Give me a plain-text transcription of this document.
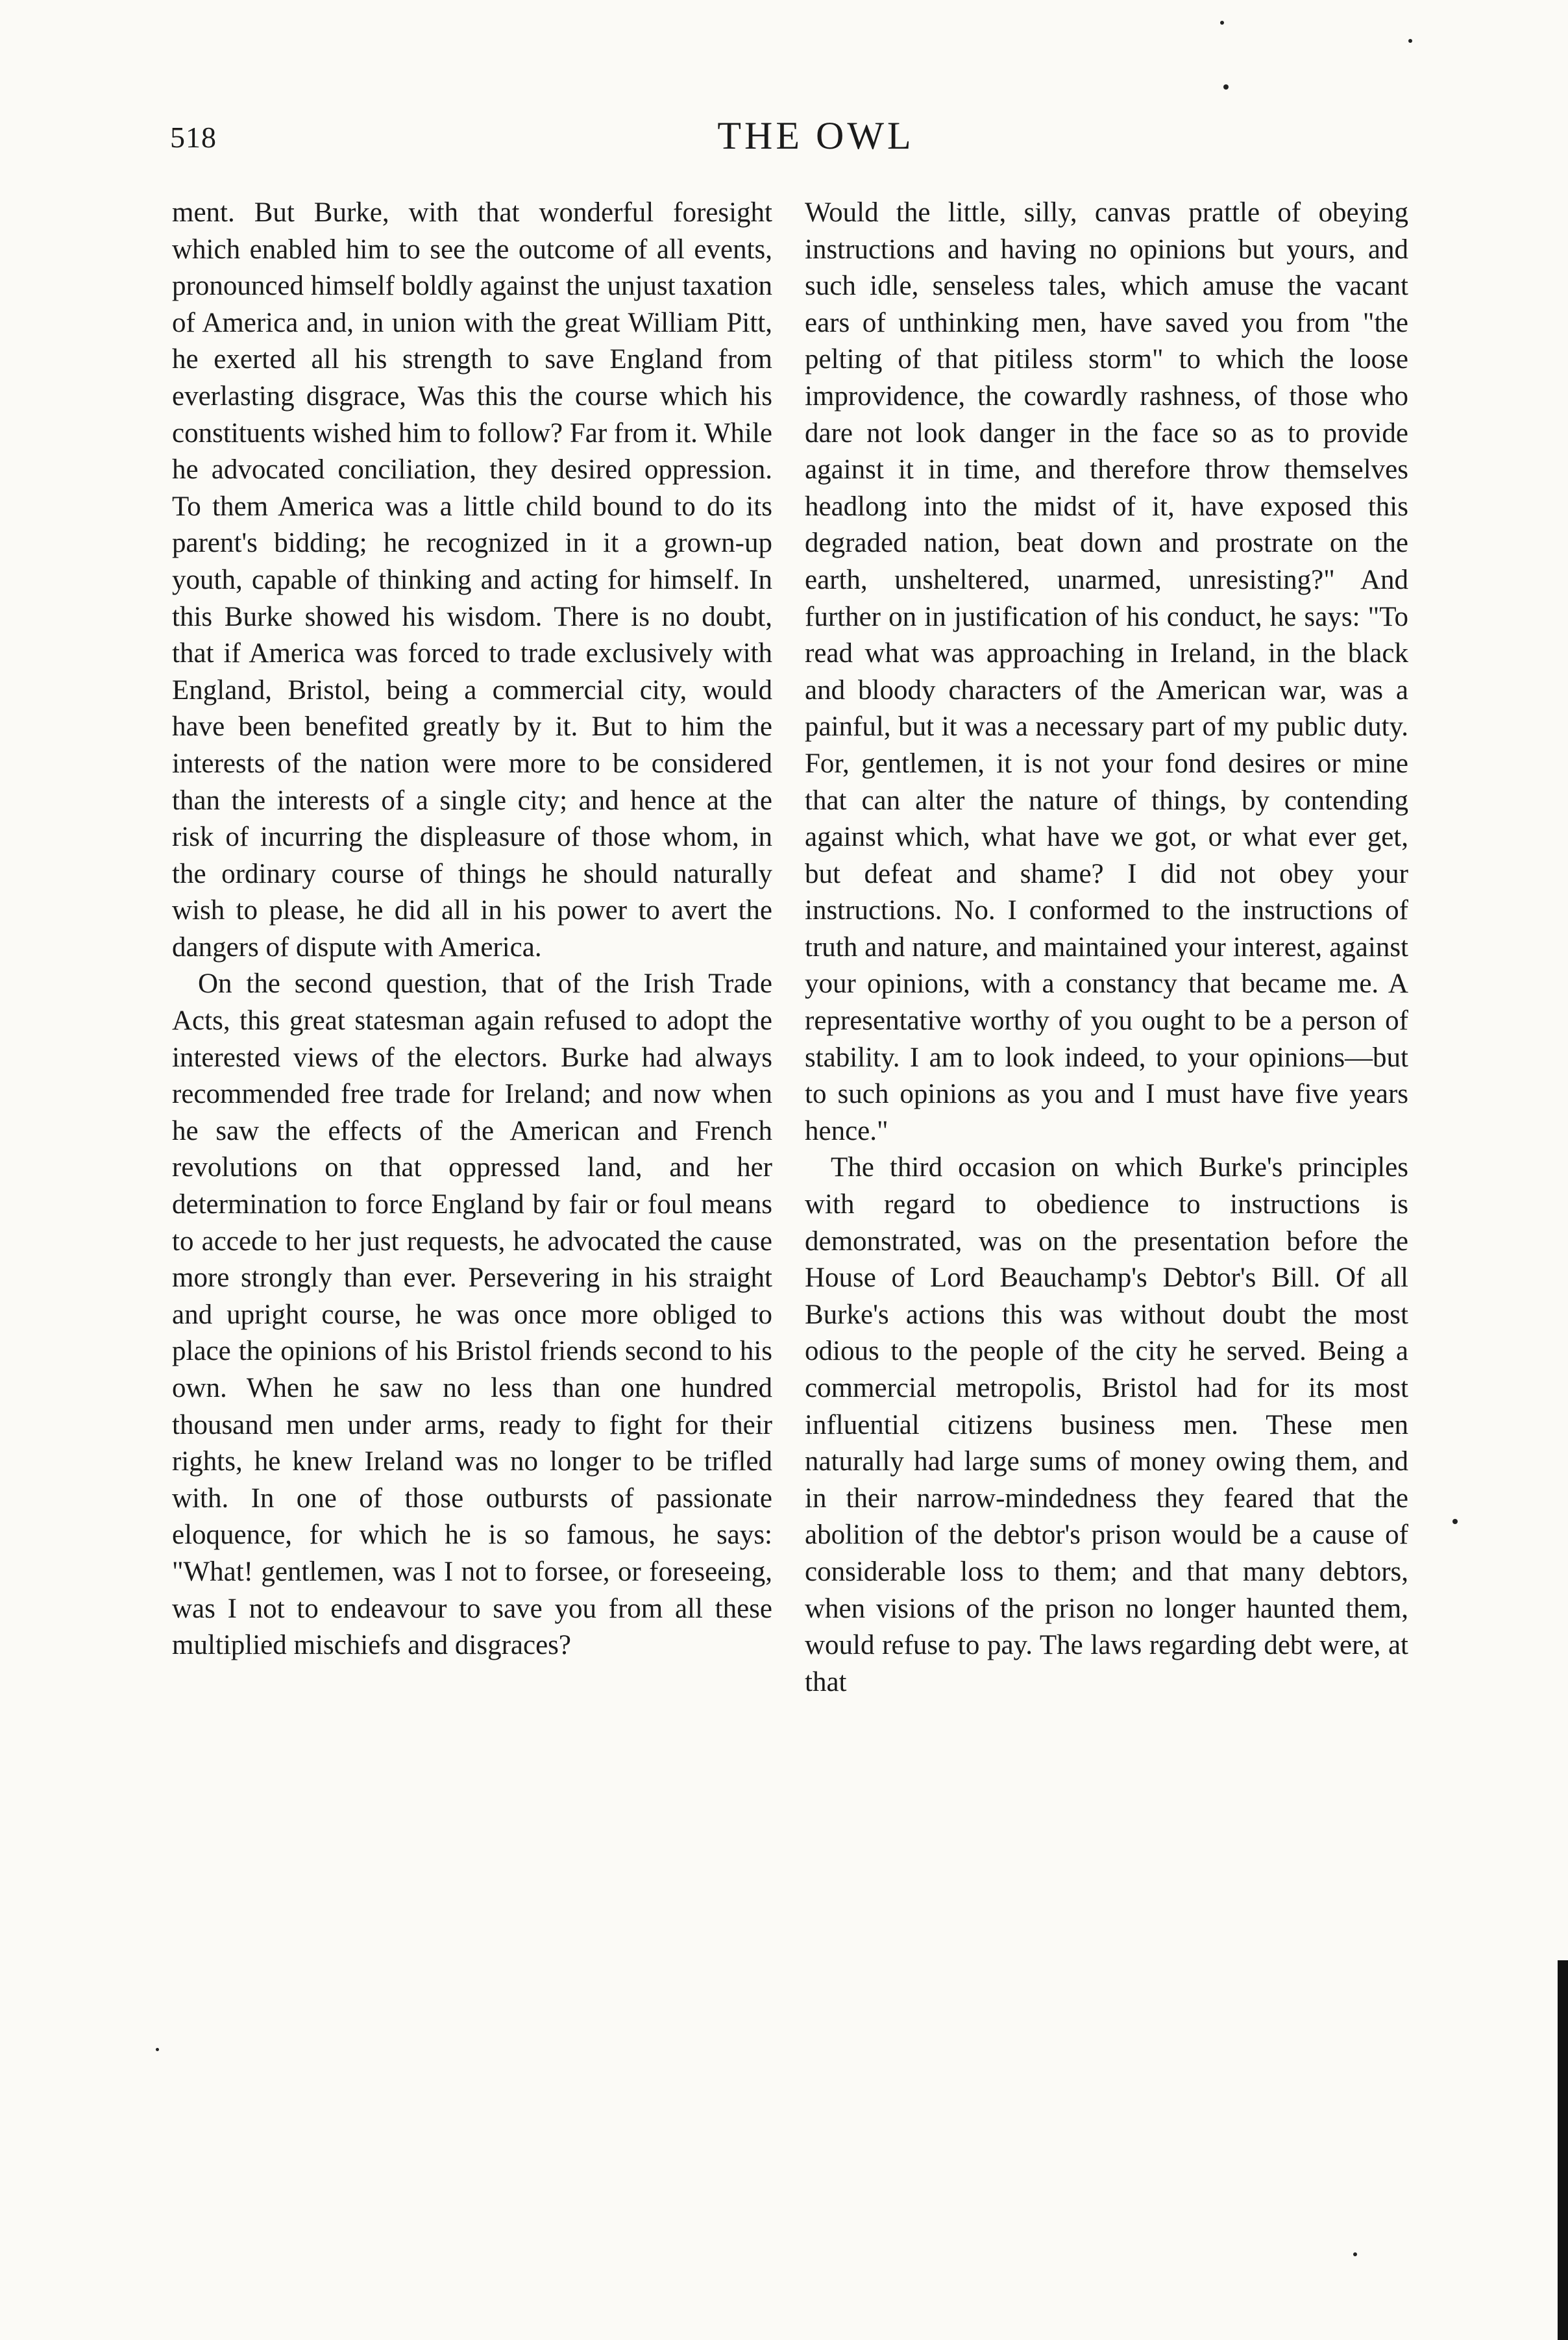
518	THE OWL

ment. But Burke, with that wonderful foresight which enabled him to see the outcome of all events, pronounced himself boldly against the unjust taxation of America and, in union with the great William Pitt, he exerted all his strength to save England from everlasting disgrace, Was this the course which his constituents wished him to follow? Far from it. While he advocated conciliation, they desired oppression. To them America was a little child bound to do its parent's bidding; he recognized in it a grown-up youth, capable of thinking and acting for himself. In this Burke showed his wisdom. There is no doubt, that if America was forced to trade exclusively with England, Bristol, being a commercial city, would have been benefited greatly by it. But to him the interests of the nation were more to be considered than the interests of a single city; and hence at the risk of incurring the displeasure of those whom, in the ordinary course of things he should naturally wish to please, he did all in his power to avert the dangers of dispute with America.

On the second question, that of the Irish Trade Acts, this great statesman again refused to adopt the interested views of the electors. Burke had always recommended free trade for Ireland; and now when he saw the effects of the American and French revolutions on that oppressed land, and her determination to force England by fair or foul means to accede to her just requests, he advocated the cause more strongly than ever. Persevering in his straight and upright course, he was once more obliged to place the opinions of his Bristol friends second to his own. When he saw no less than one hundred thousand men under arms, ready to fight for their rights, he knew Ireland was no longer to be trifled with. In one of those outbursts of passionate eloquence, for which he is so famous, he says: "What! gentlemen, was I not to forsee, or foreseeing, was I not to endeavour to save you from all these multiplied mischiefs and disgraces?

Would the little, silly, canvas prattle of obeying instructions and having no opinions but yours, and such idle, senseless tales, which amuse the vacant ears of unthinking men, have saved you from "the pelting of that pitiless storm" to which the loose improvidence, the cowardly rashness, of those who dare not look danger in the face so as to provide against it in time, and therefore throw themselves headlong into the midst of it, have exposed this degraded nation, beat down and prostrate on the earth, unsheltered, unarmed, unresisting?" And further on in justification of his conduct, he says: "To read what was approaching in Ireland, in the black and bloody characters of the American war, was a painful, but it was a necessary part of my public duty. For, gentlemen, it is not your fond desires or mine that can alter the nature of things, by contending against which, what have we got, or what ever get, but defeat and shame? I did not obey your instructions. No. I conformed to the instructions of truth and nature, and maintained your interest, against your opinions, with a constancy that became me. A representative worthy of you ought to be a person of stability. I am to look indeed, to your opinions—but to such opinions as you and I must have five years hence."

The third occasion on which Burke's principles with regard to obedience to instructions is demonstrated, was on the presentation before the House of Lord Beauchamp's Debtor's Bill. Of all Burke's actions this was without doubt the most odious to the people of the city he served. Being a commercial metropolis, Bristol had for its most influential citizens business men. These men naturally had large sums of money owing them, and in their narrow-mindedness they feared that the abolition of the debtor's prison would be a cause of considerable loss to them; and that many debtors, when visions of the prison no longer haunted them, would refuse to pay. The laws regarding debt were, at that
